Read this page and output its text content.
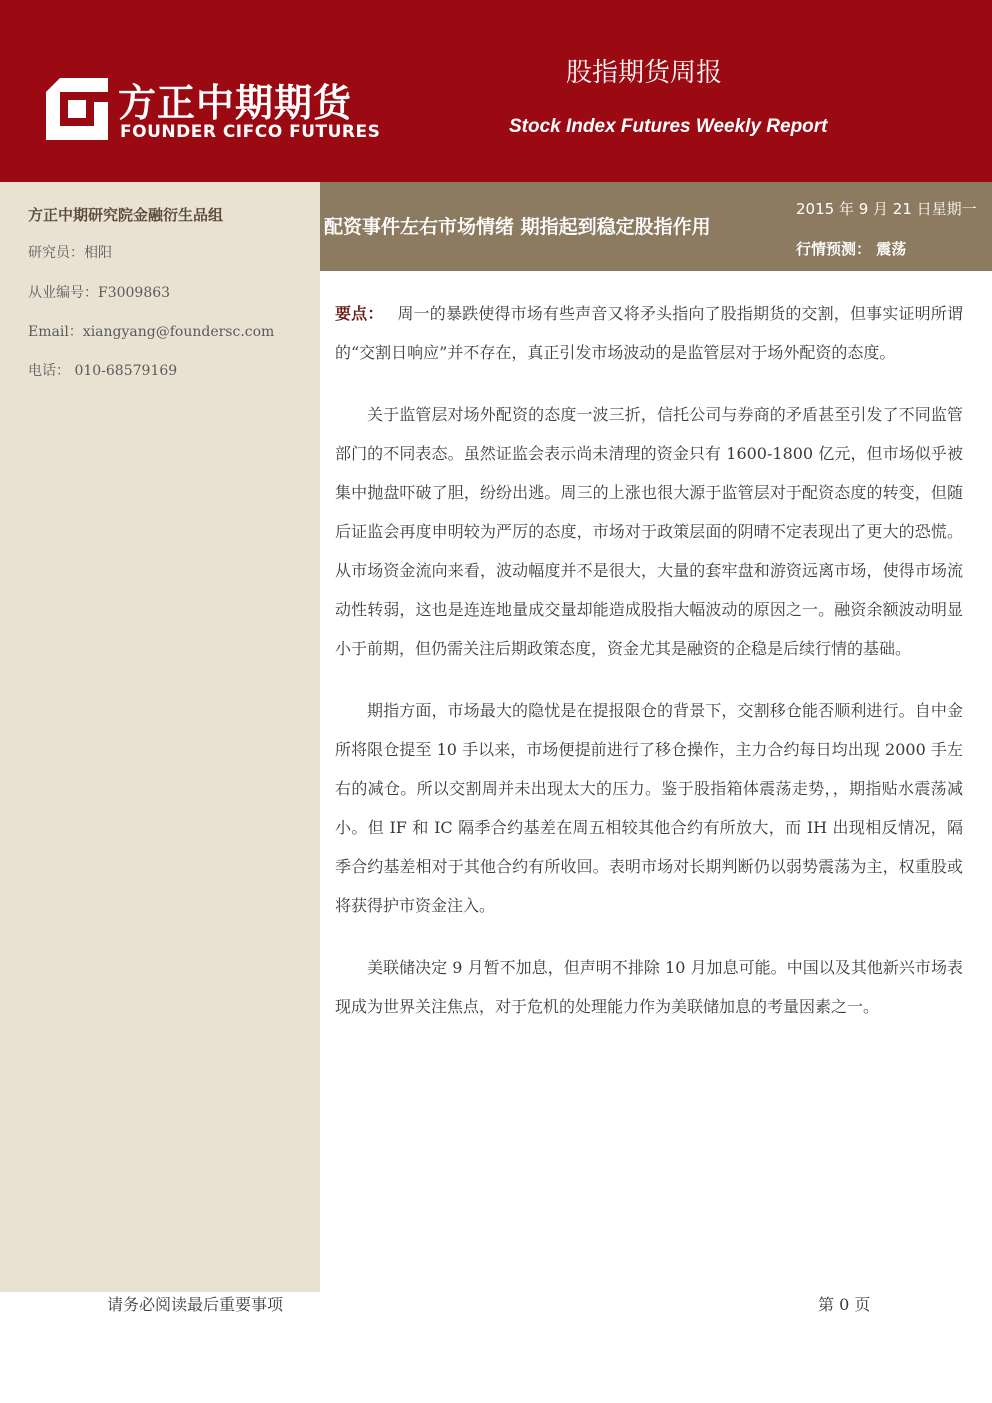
方正中期期货
FOUNDER CIFCO FUTURES
股指期货周报
Stock Index Futures Weekly Report
方正中期研究院金融衍生品组
研究员：相阳
从业编号：F3009863
Email：xiangyang@foundersc.com
电话： 010-68579169
配资事件左右市场情绪 期指起到稳定股指作用
2015 年 9 月 21 日星期一
行情预测： 震荡

要点： 周一的暴跌使得市场有些声音又将矛头指向了股指期货的交割，但事实证明所谓的“交割日响应”并不存在，真正引发市场波动的是监管层对于场外配资的态度。

关于监管层对场外配资的态度一波三折，信托公司与券商的矛盾甚至引发了不同监管部门的不同表态。虽然证监会表示尚未清理的资金只有 1600-1800 亿元，但市场似乎被集中抛盘吓破了胆，纷纷出逃。周三的上涨也很大源于监管层对于配资态度的转变，但随后证监会再度申明较为严厉的态度，市场对于政策层面的阴晴不定表现出了更大的恐慌。从市场资金流向来看，波动幅度并不是很大，大量的套牢盘和游资远离市场，使得市场流动性转弱，这也是连连地量成交量却能造成股指大幅波动的原因之一。融资余额波动明显小于前期，但仍需关注后期政策态度，资金尤其是融资的企稳是后续行情的基础。

期指方面，市场最大的隐忧是在提报限仓的背景下，交割移仓能否顺利进行。自中金所将限仓提至 10 手以来，市场便提前进行了移仓操作，主力合约每日均出现 2000 手左右的减仓。所以交割周并未出现太大的压力。鉴于股指箱体震荡走势，，期指贴水震荡减小。但 IF 和 IC 隔季合约基差在周五相较其他合约有所放大，而 IH 出现相反情况，隔季合约基差相对于其他合约有所收回。表明市场对长期判断仍以弱势震荡为主，权重股或将获得护市资金注入。

美联储决定 9 月暂不加息，但声明不排除 10 月加息可能。中国以及其他新兴市场表现成为世界关注焦点，对于危机的处理能力作为美联储加息的考量因素之一。

请务必阅读最后重要事项	第 0 页
